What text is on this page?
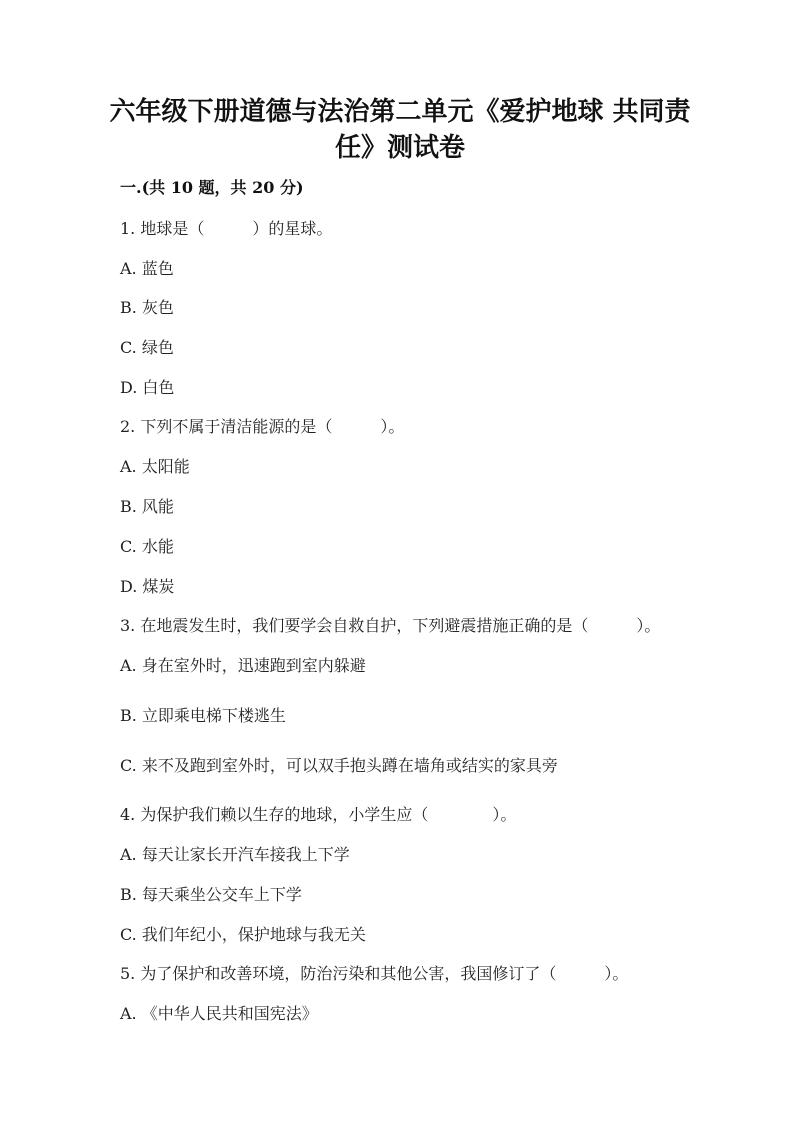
六年级下册道德与法治第二单元《爱护地球 共同责
任》测试卷
一.(共 10 题，共 20 分)
1. 地球是（　　　）的星球。
A. 蓝色
B. 灰色
C. 绿色
D. 白色
2. 下列不属于清洁能源的是（　　　）。
A. 太阳能
B. 风能
C. 水能
D. 煤炭
3. 在地震发生时，我们要学会自救自护，下列避震措施正确的是（　　　）。
A. 身在室外时，迅速跑到室内躲避
B. 立即乘电梯下楼逃生
C. 来不及跑到室外时，可以双手抱头蹲在墙角或结实的家具旁
4. 为保护我们赖以生存的地球，小学生应（　　　　）。
A. 每天让家长开汽车接我上下学
B. 每天乘坐公交车上下学
C. 我们年纪小，保护地球与我无关
5. 为了保护和改善环境，防治污染和其他公害，我国修订了（　　　）。
A. 《中华人民共和国宪法》
